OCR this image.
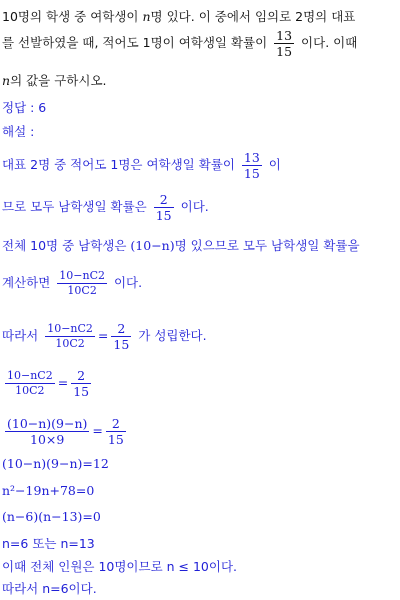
10명의 학생 중 여학생이 n명 있다. 이 중에서 임의로 2명의 대표
를 선발하였을 때, 적어도 1명이 여학생일 확률이 $\frac{13}{15}$ 이다. 이때
n의 값을 구하시오.
정답 : 6
해설 :
대표 2명 중 적어도 1명은 여학생일 확률이 $\frac{13}{15}$ 이
므로 모두 남학생일 확률은 $\frac{2}{15}$ 이다.
전체 10명 중 남학생은 (10−n)명 있으므로 모두 남학생일 확률을
계산하면 $\frac{10-nC2}{10C2}$ 이다.
따라서 $\frac{10-nC2}{10C2} = \frac{2}{15}$ 가 성립한다.
$\frac{10-nC2}{10C2} = \frac{2}{15}$
$\frac{(10-n)(9-n)}{10\times 9} = \frac{2}{15}$
(10−n)(9−n)=12
n²−19n+78=0
(n−6)(n−13)=0
n=6 또는 n=13
이때 전체 인원은 10명이므로 n ≤ 10이다.
따라서 n=6이다.
